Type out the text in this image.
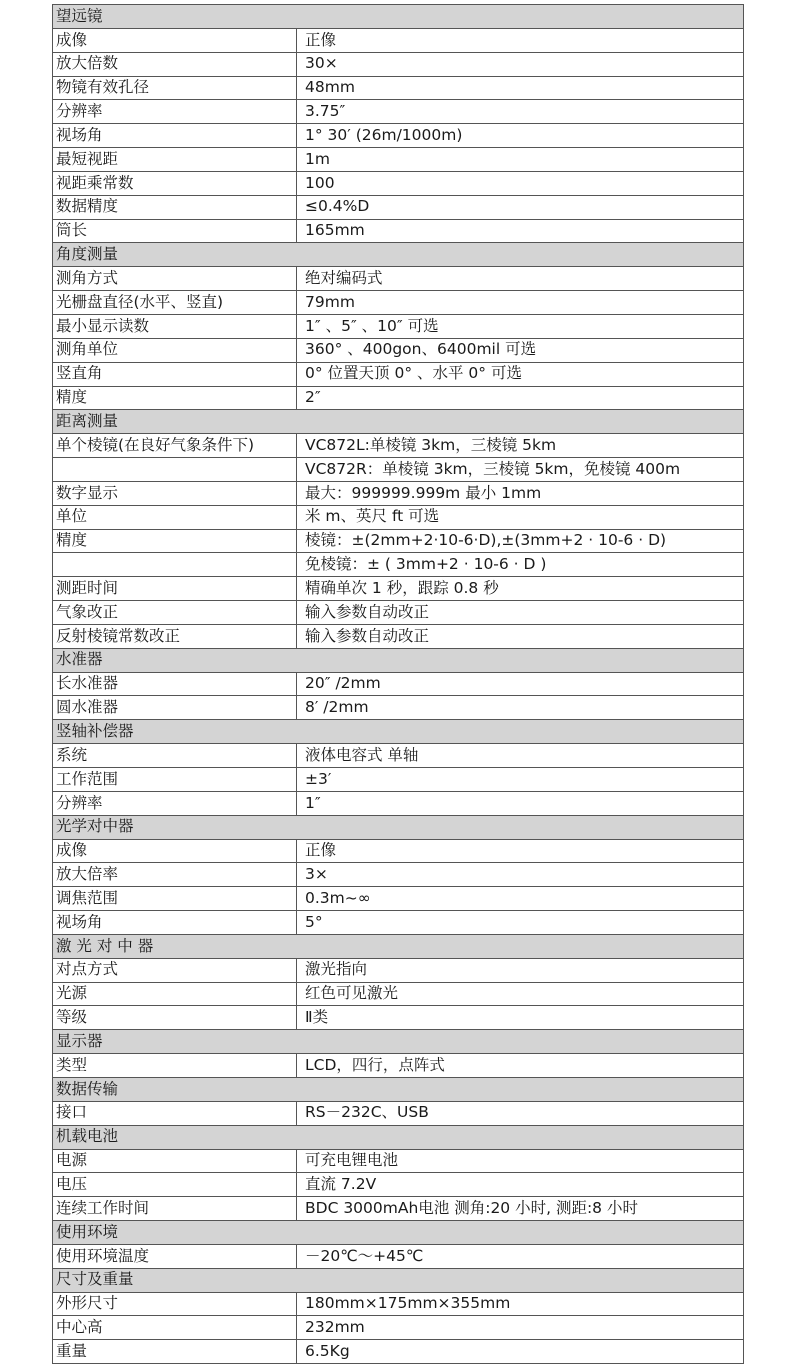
望远镜	
成像	正像
放大倍数	30×
物镜有效孔径	48mm
分辨率	3.75″
视场角	1° 30′ (26m/1000m)
最短视距	1m
视距乘常数	100
数据精度	≤0.4%D
筒长	165mm
角度测量	
测角方式	绝对编码式
光栅盘直径(水平、竖直)	79mm
最小显示读数	1″ 、5″ 、10″ 可选
测角单位	360° 、400gon、6400mil 可选
竖直角	0° 位置天顶 0° 、水平 0° 可选
精度	2″
距离测量	
单个棱镜(在良好气象条件下)	VC872L:单棱镜 3km，三棱镜 5km
	VC872R：单棱镜 3km，三棱镜 5km，免棱镜 400m
数字显示	最大：999999.999m 最小 1mm
单位	米 m、英尺 ft 可选
精度	棱镜：±(2mm+2·10-6·D),±(3mm+2 · 10-6 · D)
	免棱镜：± ( 3mm+2 · 10-6 · D )
测距时间	精确单次 1 秒，跟踪 0.8 秒
气象改正	输入参数自动改正
反射棱镜常数改正	输入参数自动改正
水准器	
长水准器	20″ /2mm
圆水准器	8′ /2mm
竖轴补偿器	
系统	液体电容式 单轴
工作范围	±3′
分辨率	1″
光学对中器	
成像	正像
放大倍率	3×
调焦范围	0.3m~∞
视场角	5°
激 光 对 中 器	
对点方式	激光指向
光源	红色可见激光
等级	Ⅱ类
显示器	
类型	LCD，四行，点阵式
数据传输	
接口	RS－232C、USB
机载电池	
电源	可充电锂电池
电压	直流 7.2V
连续工作时间	BDC 3000mAh电池 测角:20 小时, 测距:8 小时
使用环境	
使用环境温度	－20℃～+45℃
尺寸及重量	
外形尺寸	180mm×175mm×355mm
中心高	232mm
重量	6.5Kg
